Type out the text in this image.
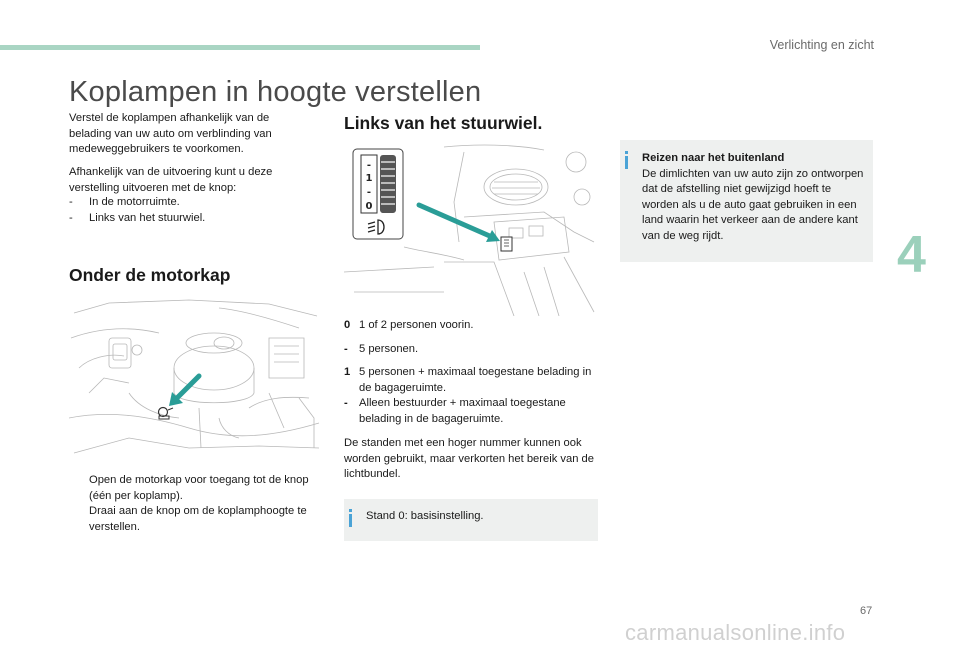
Verlichting en zicht
4
Koplampen in hoogte verstellen
Verstel de koplampen afhankelijk van de belading van uw auto om verblinding van medeweggebruikers te voorkomen.
Afhankelijk van de uitvoering kunt u deze verstelling uitvoeren met de knop:
-	In de motorruimte.
-	Links van het stuurwiel.
Onder de motorkap
Open de motorkap voor toegang tot de knop (één per koplamp).
Draai aan de knop om de koplamphoogte te verstellen.
Links van het stuurwiel.
-
1
-
0
0 1 of 2 personen voorin.
-	5 personen.
1 5 personen + maximaal toegestane belading in de bagageruimte.
-	Alleen bestuurder + maximaal toegestane belading in de bagageruimte.
De standen met een hoger nummer kunnen ook worden gebruikt, maar verkorten het bereik van de lichtbundel.
Stand 0: basisinstelling.
Reizen naar het buitenland
De dimlichten van uw auto zijn zo ontworpen dat de afstelling niet gewijzigd hoeft te worden als u de auto gaat gebruiken in een land waarin het verkeer aan de andere kant van de weg rijdt.
67
carmanualsonline.info
